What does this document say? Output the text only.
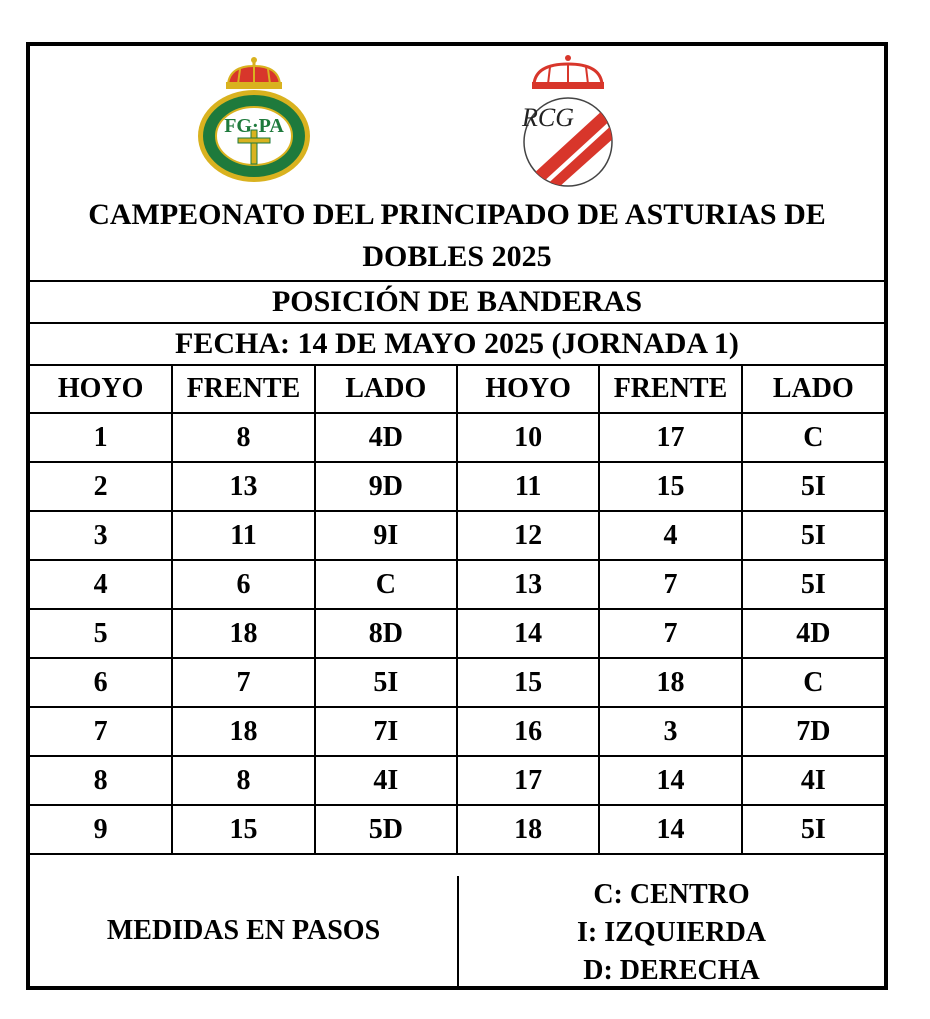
FG·PA	RCG
CAMPEONATO DEL PRINCIPADO DE ASTURIAS DE
DOBLES 2025
POSICIÓN DE BANDERAS
FECHA: 14 DE MAYO 2025 (JORNADA 1)
HOYO	FRENTE	LADO	HOYO	FRENTE	LADO
1	8	4D	10	17	C
2	13	9D	11	15	5I
3	11	9I	12	4	5I
4	6	C	13	7	5I
5	18	8D	14	7	4D
6	7	5I	15	18	C
7	18	7I	16	3	7D
8	8	4I	17	14	4I
9	15	5D	18	14	5I
MEDIDAS EN PASOS
C: CENTRO
I: IZQUIERDA
D: DERECHA
